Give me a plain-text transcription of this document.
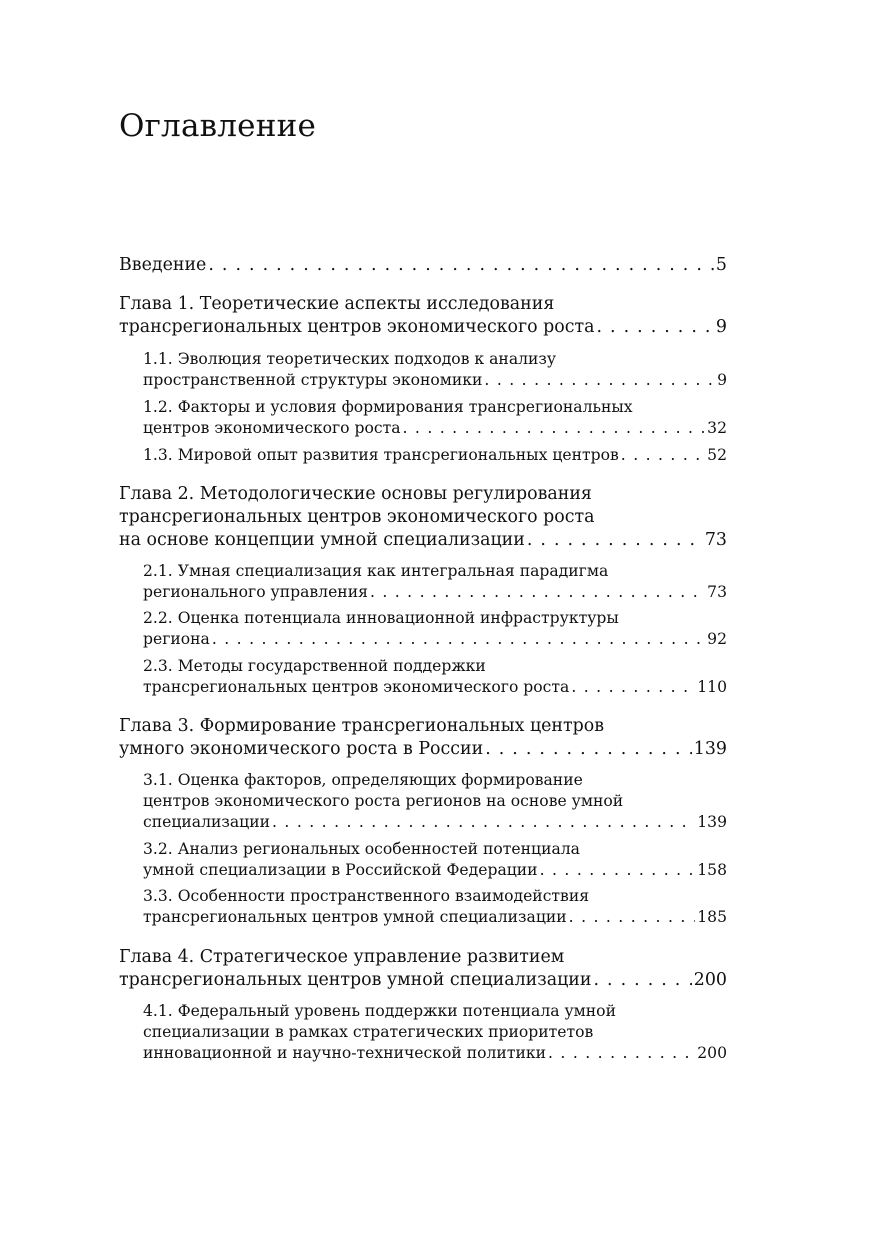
Оглавление
Введение . . .	5
Глава 1. Теоретические аспекты исследования
трансрегиональных центров экономического роста . . .	9
1.1. Эволюция теоретических подходов к анализу
пространственной структуры экономики . . .	9
1.2. Факторы и условия формирования трансрегиональных
центров экономического роста . . .	32
1.3. Мировой опыт развития трансрегиональных центров . . .	52
Глава 2. Методологические основы регулирования
трансрегиональных центров экономического роста
на основе концепции умной специализации . . .	73
2.1. Умная специализация как интегральная парадигма
регионального управления . . .	73
2.2. Оценка потенциала инновационной инфраструктуры
региона . . .	92
2.3. Методы государственной поддержки
трансрегиональных центров экономического роста . . .	110
Глава 3. Формирование трансрегиональных центров
умного экономического роста в России . . .	139
3.1. Оценка факторов, определяющих формирование
центров экономического роста регионов на основе умной
специализации . . .	139
3.2. Анализ региональных особенностей потенциала
умной специализации в Российской Федерации . . .	158
3.3. Особенности пространственного взаимодействия
трансрегиональных центров умной специализации . . .	185
Глава 4. Стратегическое управление развитием
трансрегиональных центров умной специализации . . .	200
4.1. Федеральный уровень поддержки потенциала умной
специализации в рамках стратегических приоритетов
инновационной и научно-технической политики . . .	200
